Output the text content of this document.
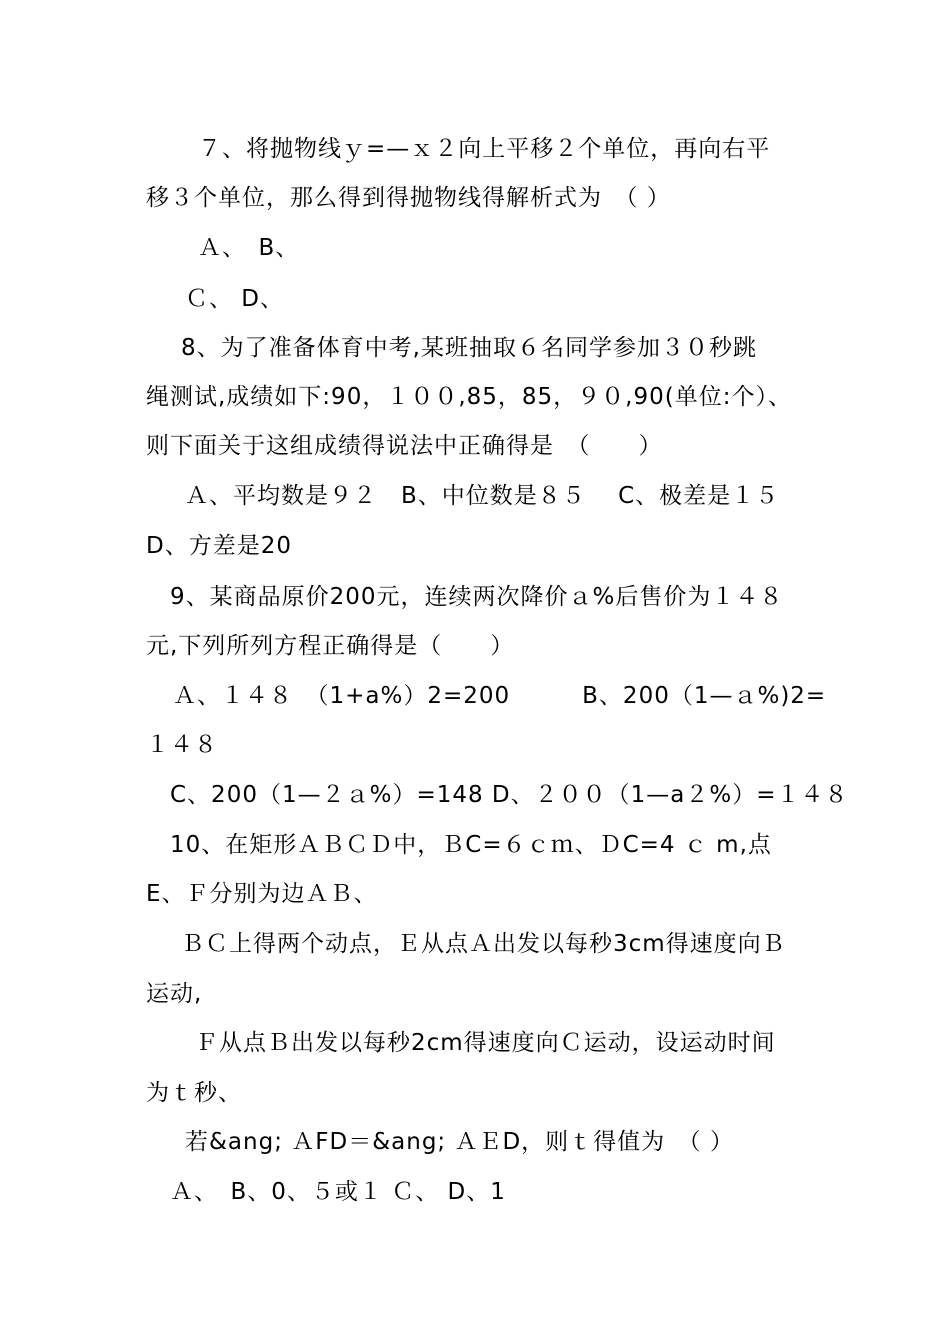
７、将抛物线ｙ=—ｘ２向上平移２个单位，再向右平
移３个单位，那么得到得抛物线得解析式为　（ ）
Ａ、　B、
Ｃ、 D、
8、为了准备体育中考,某班抽取６名同学参加３０秒跳
绳测试,成绩如下:90，１００,85，85，９０,90(单位:个）、
则下面关于这组成绩得说法中正确得是　（　　）
Ａ、平均数是９２　B、中位数是８５　 C、极差是１５
D、方差是20
9、某商品原价200元，连续两次降价ａ%后售价为１４８
元,下列所列方程正确得是（　　）
Ａ、１４８　（1+a%）2=200　　　B、200（1—ａ%)2=
１４８
C、200（1—２ａ%）=148 D、２００（1—a２%）=１４８
10、在矩形ＡＢＣＤ中，ＢC=６ｃｍ、ＤC=4 ｃ m,点
E、Ｆ分别为边ＡＢ、
ＢＣ上得两个动点，Ｅ从点Ａ出发以每秒3cm得速度向Ｂ
运动,
Ｆ从点Ｂ出发以每秒2cm得速度向Ｃ运动，设运动时间
为ｔ秒、
若&ang; ＡFD＝&ang; ＡＥD，则ｔ得值为　（ ）
Ａ、　B、0、５或１ Ｃ、 D、1
